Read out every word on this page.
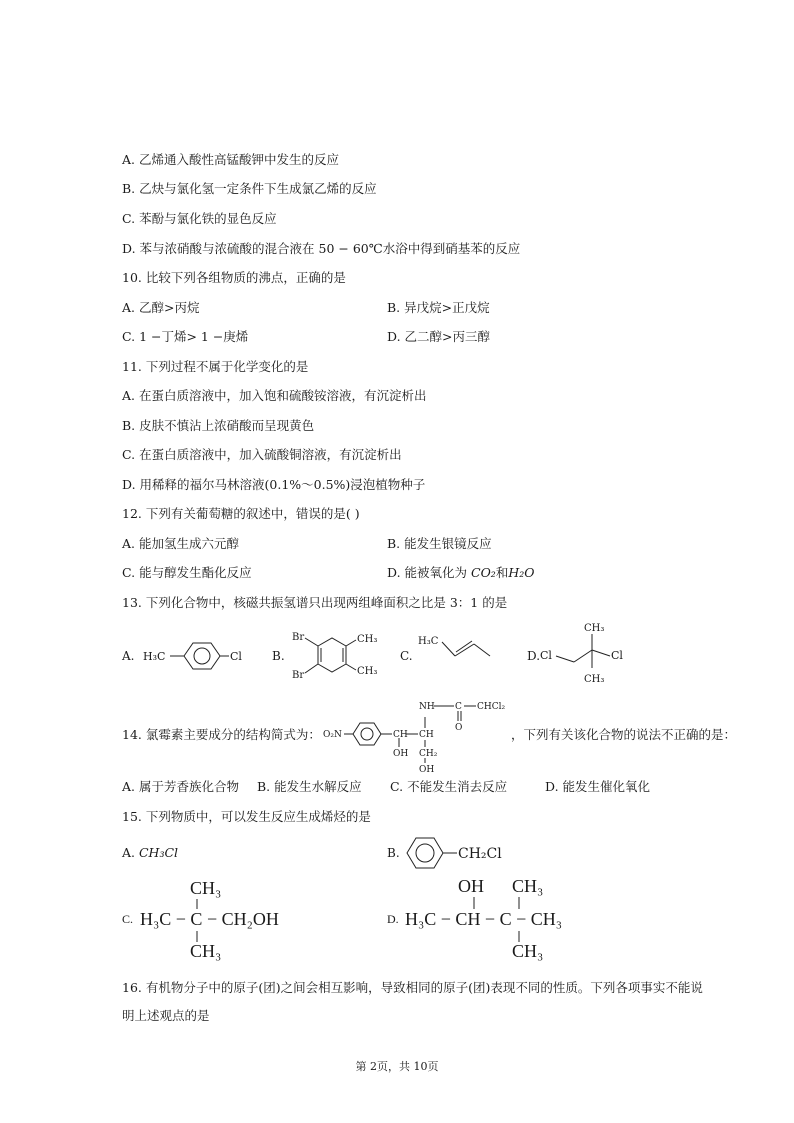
A. 乙烯通入酸性高锰酸钾中发生的反应
B. 乙炔与氯化氢一定条件下生成氯乙烯的反应
C. 苯酚与氯化铁的显色反应
D. 苯与浓硝酸与浓硫酸的混合液在 50 − 60℃水浴中得到硝基苯的反应
10. 比较下列各组物质的沸点，正确的是
A. 乙醇>丙烷	B. 异戊烷>正戊烷
C. 1 −丁烯> 1 −庚烯	D. 乙二醇>丙三醇
11. 下列过程不属于化学变化的是
A. 在蛋白质溶液中，加入饱和硫酸铵溶液，有沉淀析出
B. 皮肤不慎沾上浓硝酸而呈现黄色
C. 在蛋白质溶液中，加入硫酸铜溶液，有沉淀析出
D. 用稀释的福尔马林溶液(0.1%～0.5%)浸泡植物种子
12. 下列有关葡萄糖的叙述中，错误的是( )
A. 能加氢生成六元醇	B. 能发生银镜反应
C. 能与醇发生酯化反应	D. 能被氧化为 CO₂和H₂O
13. 下列化合物中，核磁共振氢谱只出现两组峰面积之比是 3：1 的是
A. H₃C	Cl	B.
Br
Br
CH₃
CH₃
C.
H₃C
D. Cl	Cl
CH₃
CH₃
14. 氯霉素主要成分的结构简式为： O₂N	CH CH
OH
NH C
O
CHCl₂
CH₂
OH
，下列有关该化合物的说法不正确的是：
A. 属于芳香族化合物 B. 能发生水解反应 C. 不能发生消去反应	D. 能发生催化氧化
15. 下列物质中，可以发生反应生成烯烃的是
A. CH₃Cl	B.	CH₂Cl
C.
CH₃
H₃C − C − CH₂OH
CH₃
D.
OH CH₃
H₃C − CH − C − CH₃
CH₃
16. 有机物分子中的原子(团)之间会相互影响，导致相同的原子(团)表现不同的性质。下列各项事实不能说
明上述观点的是
第 2页，共 10页
